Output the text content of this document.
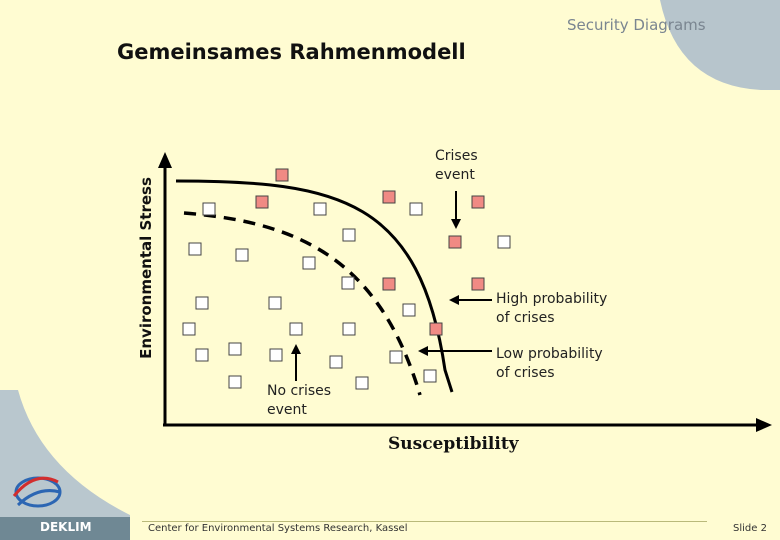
Security Diagrams
Gemeinsames Rahmenmodell
Environmental Stress
Susceptibility
Crises
event
High probability
of crises
Low probability
of crises
No crises
event
Center for Environmental Systems Research, Kassel	Slide 2
DEKLIM
